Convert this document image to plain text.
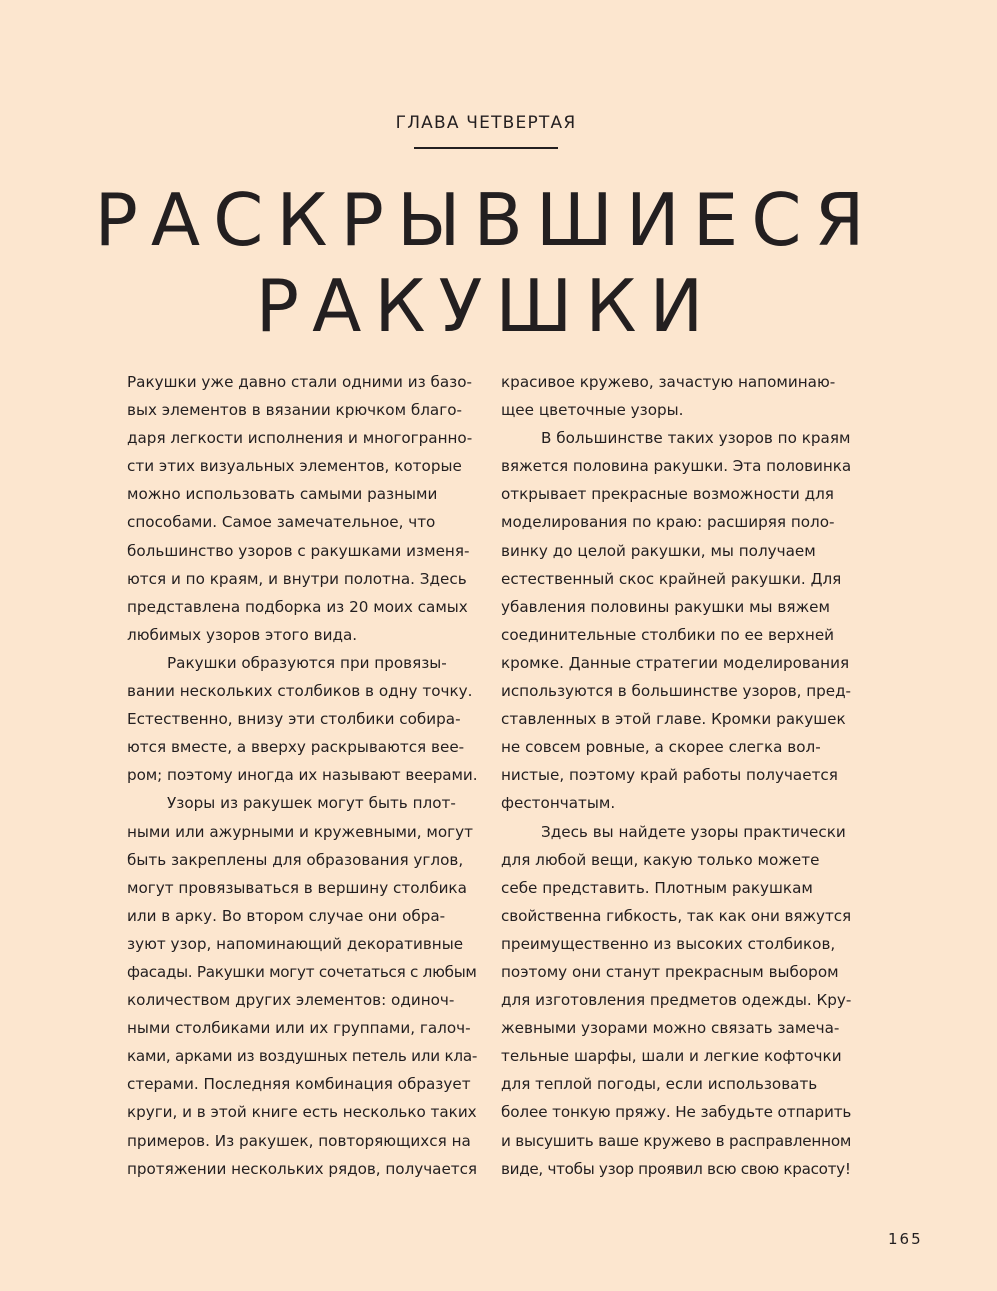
ГЛАВА ЧЕТВЕРТАЯ
РАСКРЫВШИЕСЯ
РАКУШКИ
Ракушки уже давно стали одними из базо-
вых элементов в вязании крючком благо-
даря легкости исполнения и многогранно-
сти этих визуальных элементов, которые
можно использовать самыми разными
способами. Самое замечательное, что
большинство узоров с ракушками изменя-
ются и по краям, и внутри полотна. Здесь
представлена подборка из 20 моих самых
любимых узоров этого вида.
Ракушки образуются при провязы-
вании нескольких столбиков в одну точку.
Естественно, внизу эти столбики собира-
ются вместе, а вверху раскрываются вее-
ром; поэтому иногда их называют веерами.
Узоры из ракушек могут быть плот-
ными или ажурными и кружевными, могут
быть закреплены для образования углов,
могут провязываться в вершину столбика
или в арку. Во втором случае они обра-
зуют узор, напоминающий декоративные
фасады. Ракушки могут сочетаться с любым
количеством других элементов: одиноч-
ными столбиками или их группами, галоч-
ками, арками из воздушных петель или кла-
стерами. Последняя комбинация образует
круги, и в этой книге есть несколько таких
примеров. Из ракушек, повторяющихся на
протяжении нескольких рядов, получается
красивое кружево, зачастую напоминаю-
щее цветочные узоры.
В большинстве таких узоров по краям
вяжется половина ракушки. Эта половинка
открывает прекрасные возможности для
моделирования по краю: расширяя поло-
винку до целой ракушки, мы получаем
естественный скос крайней ракушки. Для
убавления половины ракушки мы вяжем
соединительные столбики по ее верхней
кромке. Данные стратегии моделирования
используются в большинстве узоров, пред-
ставленных в этой главе. Кромки ракушек
не совсем ровные, а скорее слегка вол-
нистые, поэтому край работы получается
фестончатым.
Здесь вы найдете узоры практически
для любой вещи, какую только можете
себе представить. Плотным ракушкам
свойственна гибкость, так как они вяжутся
преимущественно из высоких столбиков,
поэтому они станут прекрасным выбором
для изготовления предметов одежды. Кру-
жевными узорами можно связать замеча-
тельные шарфы, шали и легкие кофточки
для теплой погоды, если использовать
более тонкую пряжу. Не забудьте отпарить
и высушить ваше кружево в расправленном
виде, чтобы узор проявил всю свою красоту!
165
